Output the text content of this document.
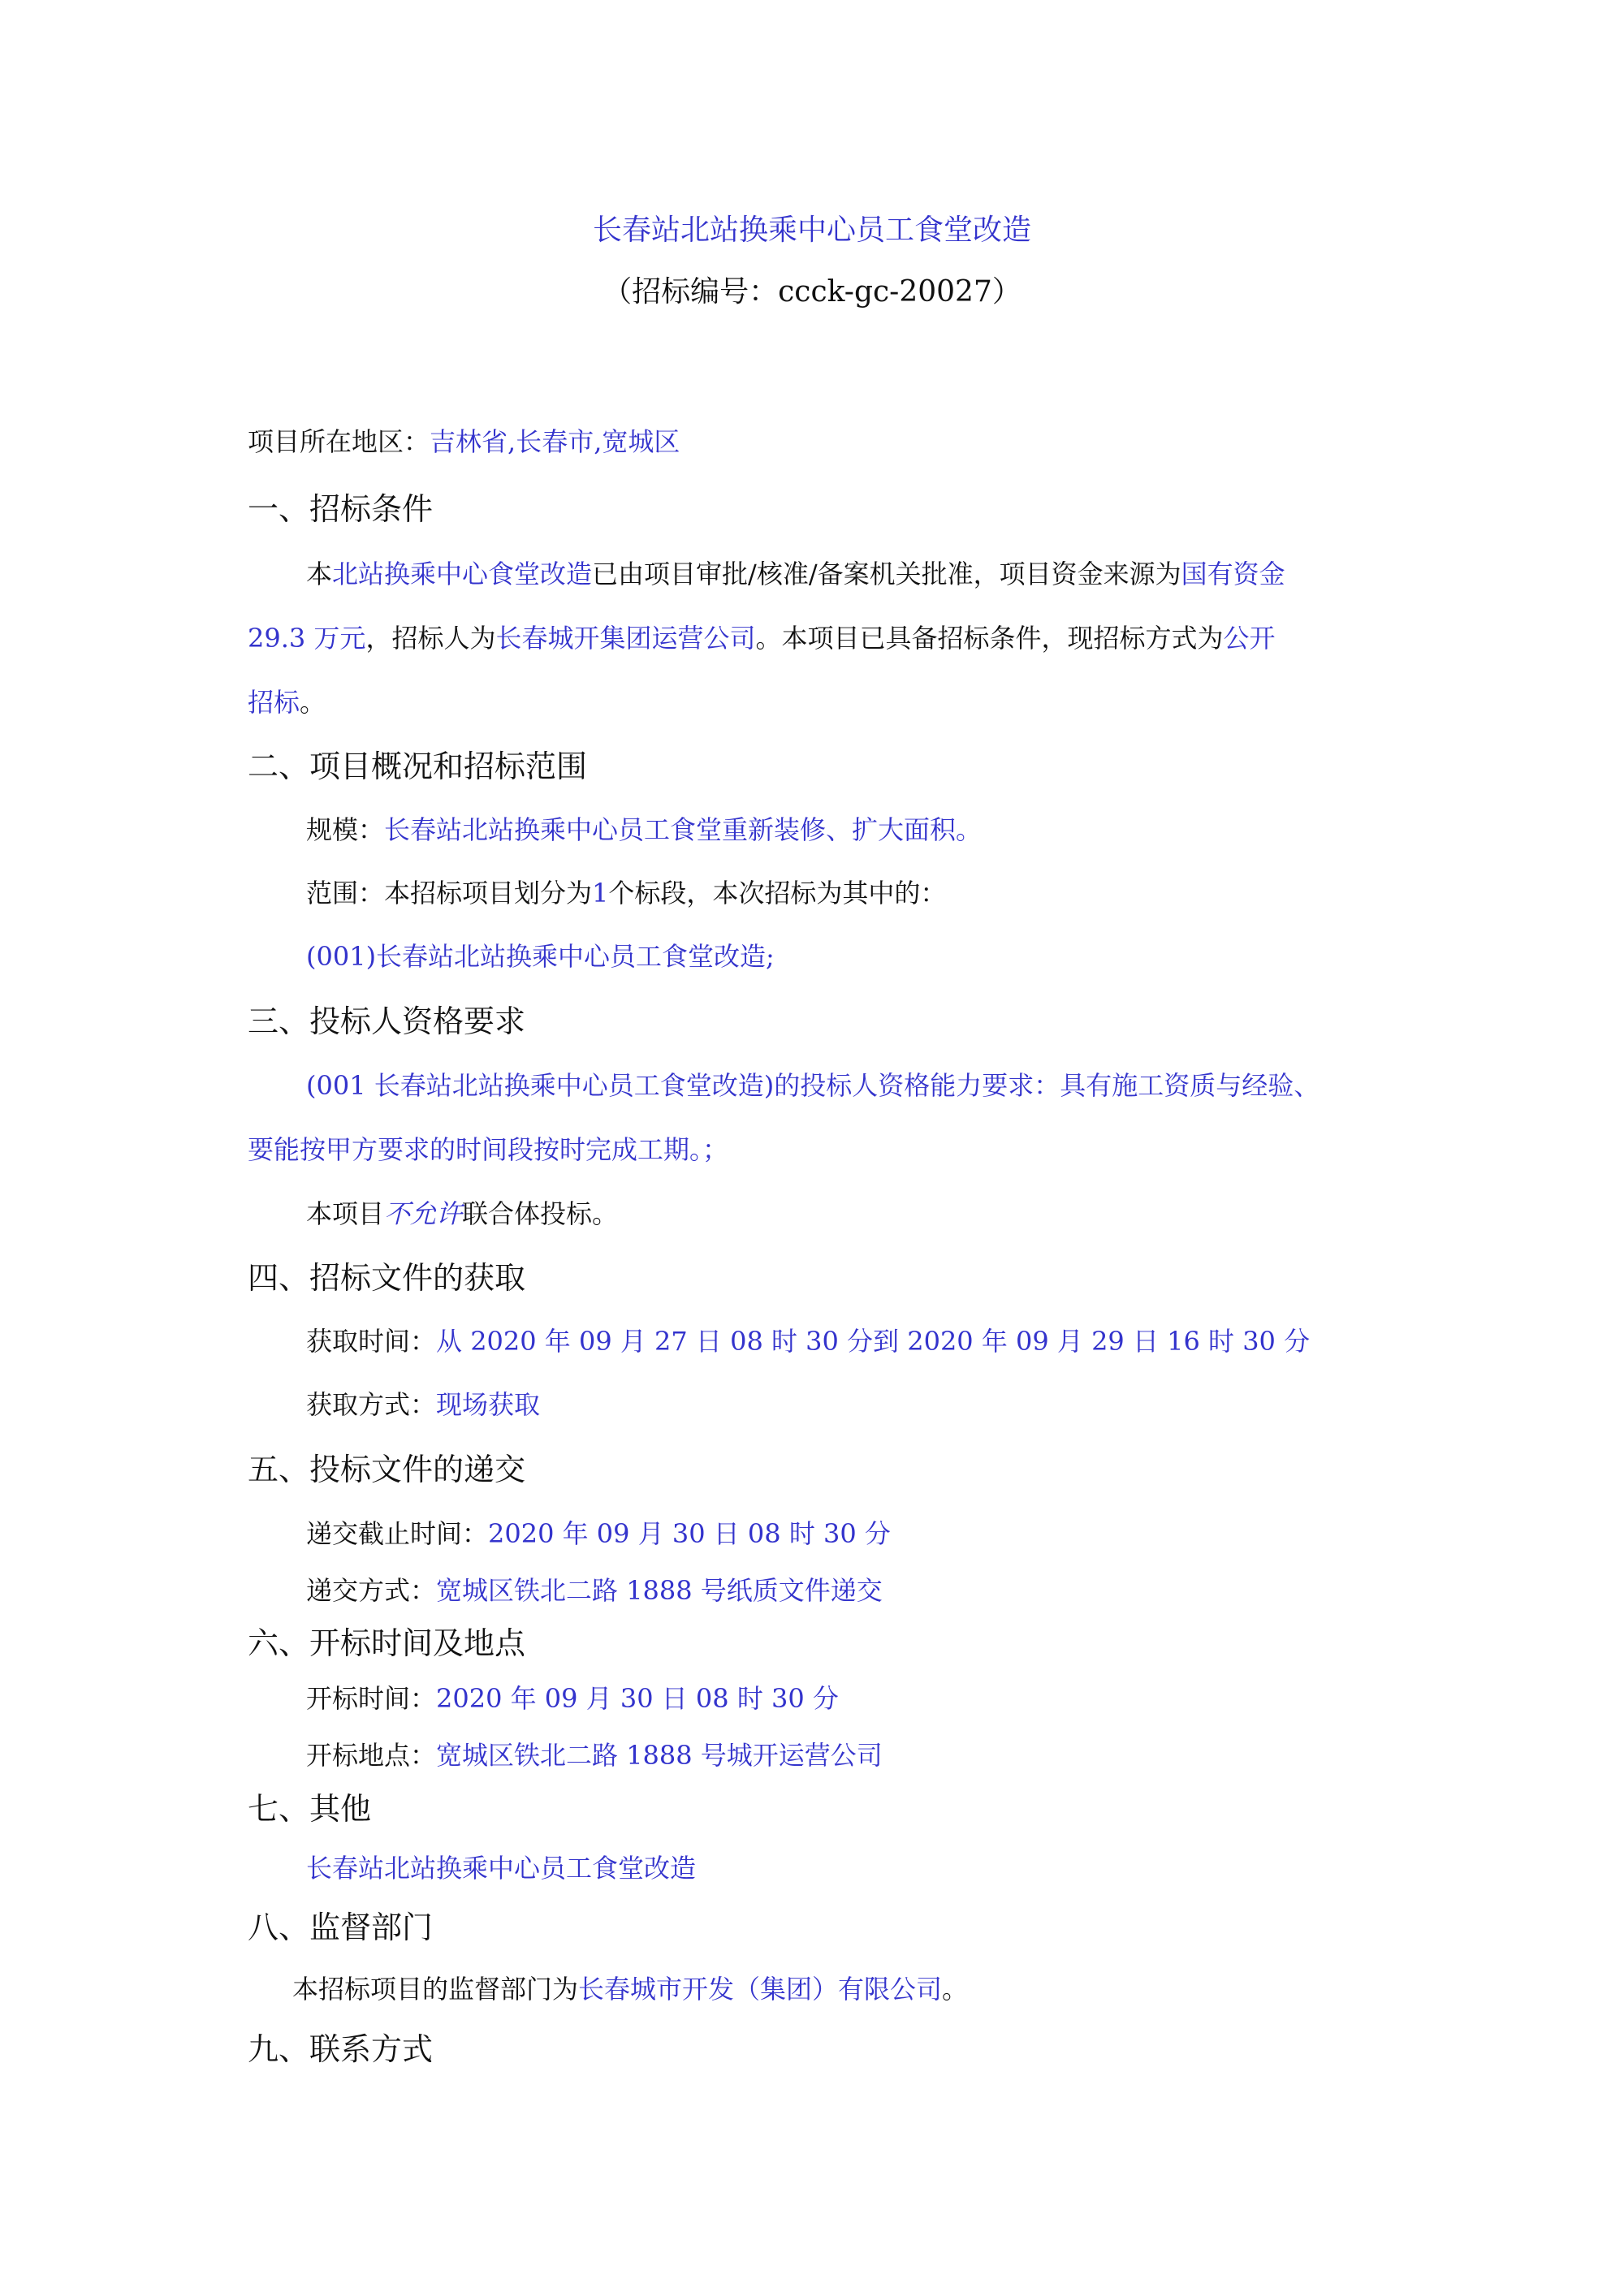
长春站北站换乘中心员工食堂改造
（招标编号：ccck-gc-20027）
项目所在地区：吉林省,长春市,宽城区
一、招标条件
本北站换乘中心食堂改造已由项目审批/核准/备案机关批准，项目资金来源为国有资金
29.3 万元，招标人为长春城开集团运营公司。本项目已具备招标条件，现招标方式为公开
招标。
二、项目概况和招标范围
规模：长春站北站换乘中心员工食堂重新装修、扩大面积。
范围：本招标项目划分为1个标段，本次招标为其中的：
(001)长春站北站换乘中心员工食堂改造;
三、投标人资格要求
(001 长春站北站换乘中心员工食堂改造)的投标人资格能力要求：具有施工资质与经验、
要能按甲方要求的时间段按时完成工期。；
本项目不允许联合体投标。
四、招标文件的获取
获取时间：从 2020 年 09 月 27 日 08 时 30 分到 2020 年 09 月 29 日 16 时 30 分
获取方式：现场获取
五、投标文件的递交
递交截止时间：2020 年 09 月 30 日 08 时 30 分
递交方式：宽城区铁北二路 1888 号纸质文件递交
六、开标时间及地点
开标时间：2020 年 09 月 30 日 08 时 30 分
开标地点：宽城区铁北二路 1888 号城开运营公司
七、其他
长春站北站换乘中心员工食堂改造
八、监督部门
本招标项目的监督部门为长春城市开发（集团）有限公司。
九、联系方式
